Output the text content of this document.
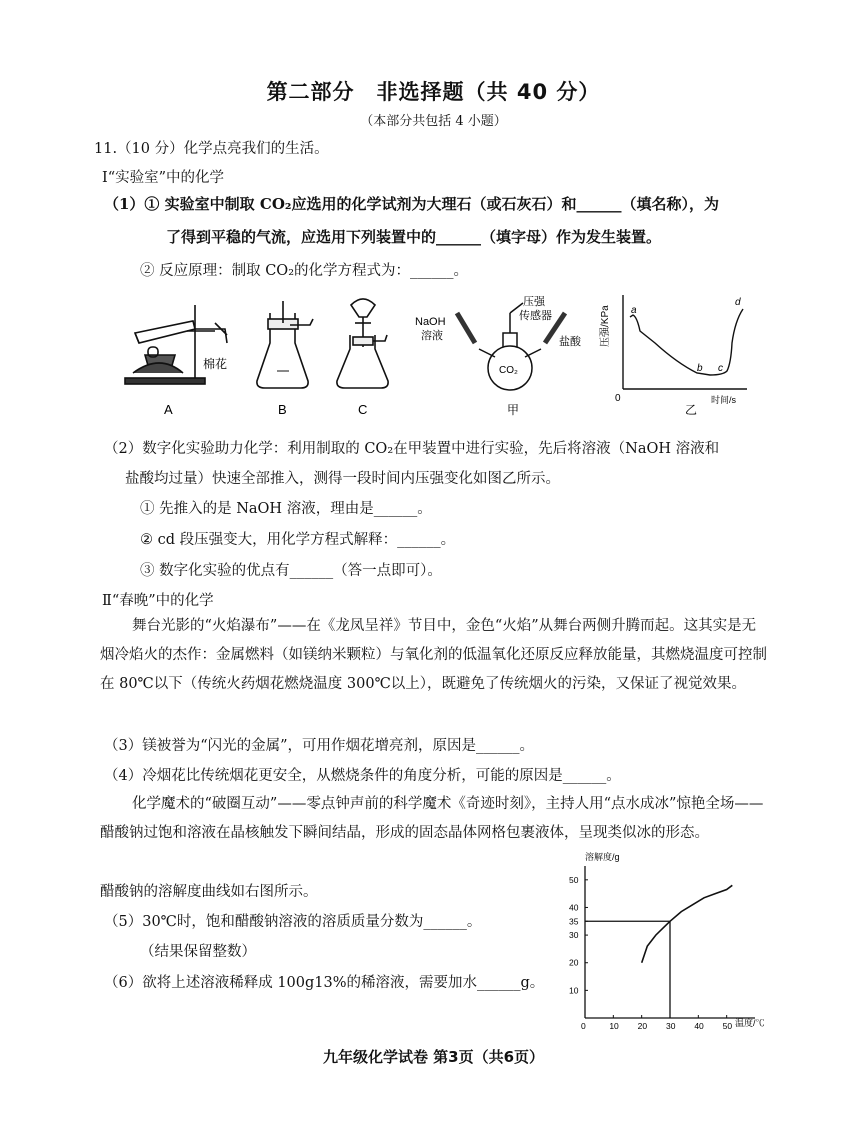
第二部分　非选择题（共 40 分）
（本部分共包括 4 小题）
11.（10 分）化学点亮我们的生活。
Ⅰ“实验室”中的化学
（1）① 实验室中制取 CO₂应选用的化学试剂为大理石（或石灰石）和______（填名称），为
了得到平稳的气流，应选用下列装置中的______（填字母）作为发生装置。
② 反应原理：制取 CO₂的化学方程式为：______。
棉花
A	B	C
NaOH
溶液
压强
传感器
盐酸
CO₂
甲
压强/KPa
时间/s
0
a
b c
d
乙
（2）数字化实验助力化学：利用制取的 CO₂在甲装置中进行实验，先后将溶液（NaOH 溶液和
盐酸均过量）快速全部推入，测得一段时间内压强变化如图乙所示。
① 先推入的是 NaOH 溶液，理由是______。
② cd 段压强变大，用化学方程式解释：______。
③ 数字化实验的优点有______（答一点即可）。
Ⅱ“春晚”中的化学
舞台光影的“火焰瀑布”——在《龙凤呈祥》节目中，金色“火焰”从舞台两侧升腾而起。这其实是无烟冷焰火的杰作：金属燃料（如镁纳米颗粒）与氧化剂的低温氧化还原反应释放能量，其燃烧温度可控制在 80℃以下（传统火药烟花燃烧温度 300℃以上），既避免了传统烟火的污染，又保证了视觉效果。
（3）镁被誉为“闪光的金属”，可用作烟花增亮剂，原因是______。
（4）冷烟花比传统烟花更安全，从燃烧条件的角度分析，可能的原因是______。
化学魔术的“破圈互动”——零点钟声前的科学魔术《奇迹时刻》，主持人用“点水成冰”惊艳全场——醋酸钠过饱和溶液在晶核触发下瞬间结晶，形成的固态晶体网格包裹液体，呈现类似冰的形态。
醋酸钠的溶解度曲线如右图所示。
（5）30℃时，饱和醋酸钠溶液的溶质质量分数为______。
（结果保留整数）
（6）欲将上述溶液稀释成 100g13%的稀溶液，需要加水______g。
溶解度/g
温度/℃
0	10 20 30 40 50
10
20
30
35
40
50
九年级化学试卷 第3页（共6页）
